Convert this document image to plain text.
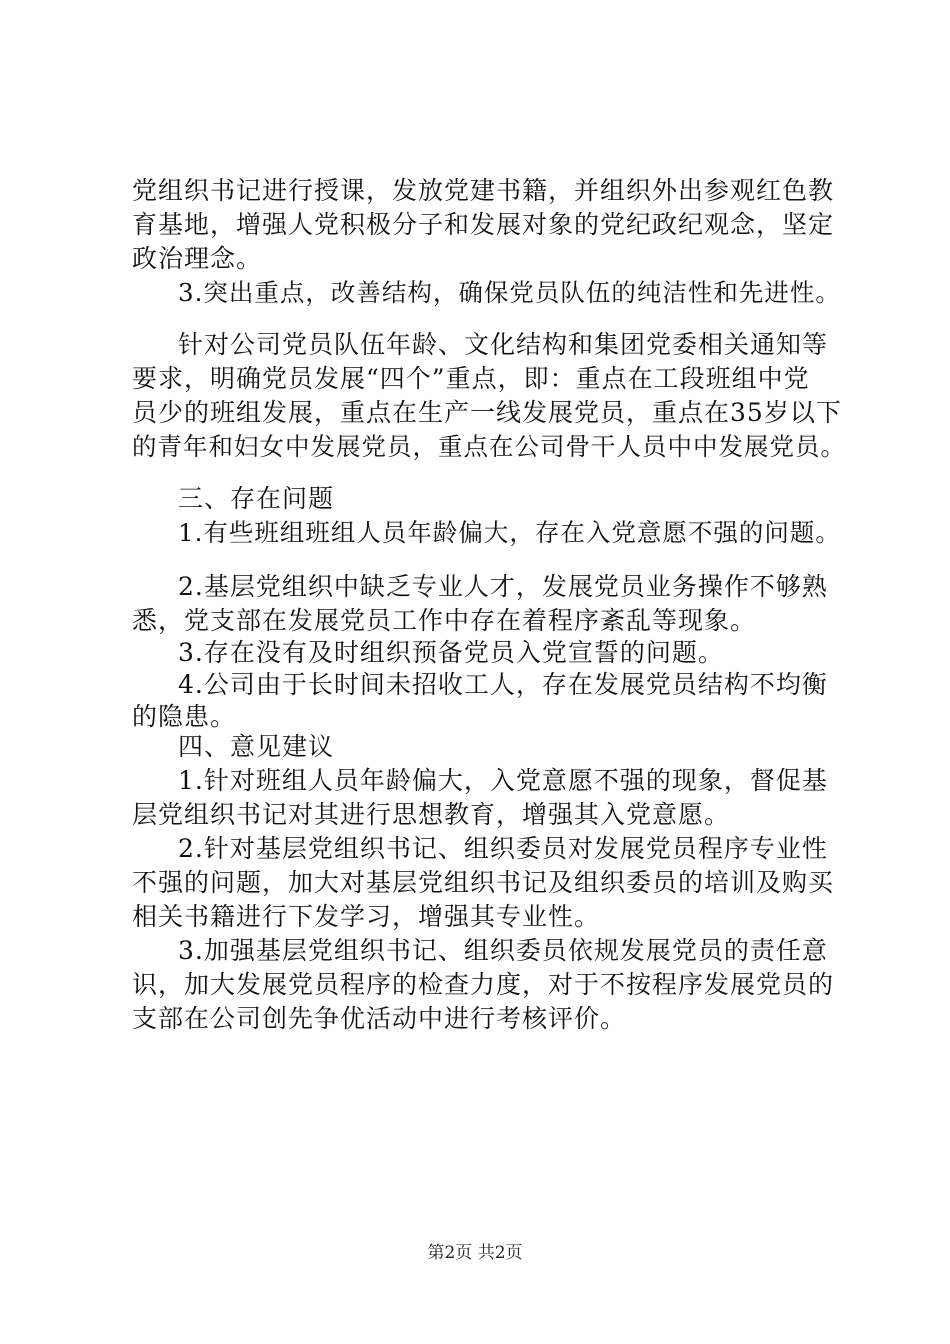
党组织书记进行授课，发放党建书籍，并组织外出参观红色教
育基地，增强人党积极分子和发展对象的党纪政纪观念，坚定
政治理念。
3.突出重点，改善结构，确保党员队伍的纯洁性和先进性。
针对公司党员队伍年龄、文化结构和集团党委相关通知等
要求，明确党员发展“四个”重点，即：重点在工段班组中党
员少的班组发展，重点在生产一线发展党员，重点在35岁以下
的青年和妇女中发展党员，重点在公司骨干人员中中发展党员。
三、存在问题
1.有些班组班组人员年龄偏大，存在入党意愿不强的问题。
2.基层党组织中缺乏专业人才，发展党员业务操作不够熟
悉，党支部在发展党员工作中存在着程序紊乱等现象。
3.存在没有及时组织预备党员入党宣誓的问题。
4.公司由于长时间未招收工人，存在发展党员结构不均衡
的隐患。
四、意见建议
1.针对班组人员年龄偏大，入党意愿不强的现象，督促基
层党组织书记对其进行思想教育，增强其入党意愿。
2.针对基层党组织书记、组织委员对发展党员程序专业性
不强的问题，加大对基层党组织书记及组织委员的培训及购买
相关书籍进行下发学习，增强其专业性。
3.加强基层党组织书记、组织委员依规发展党员的责任意
识，加大发展党员程序的检查力度，对于不按程序发展党员的
支部在公司创先争优活动中进行考核评价。
第2页 共2页
